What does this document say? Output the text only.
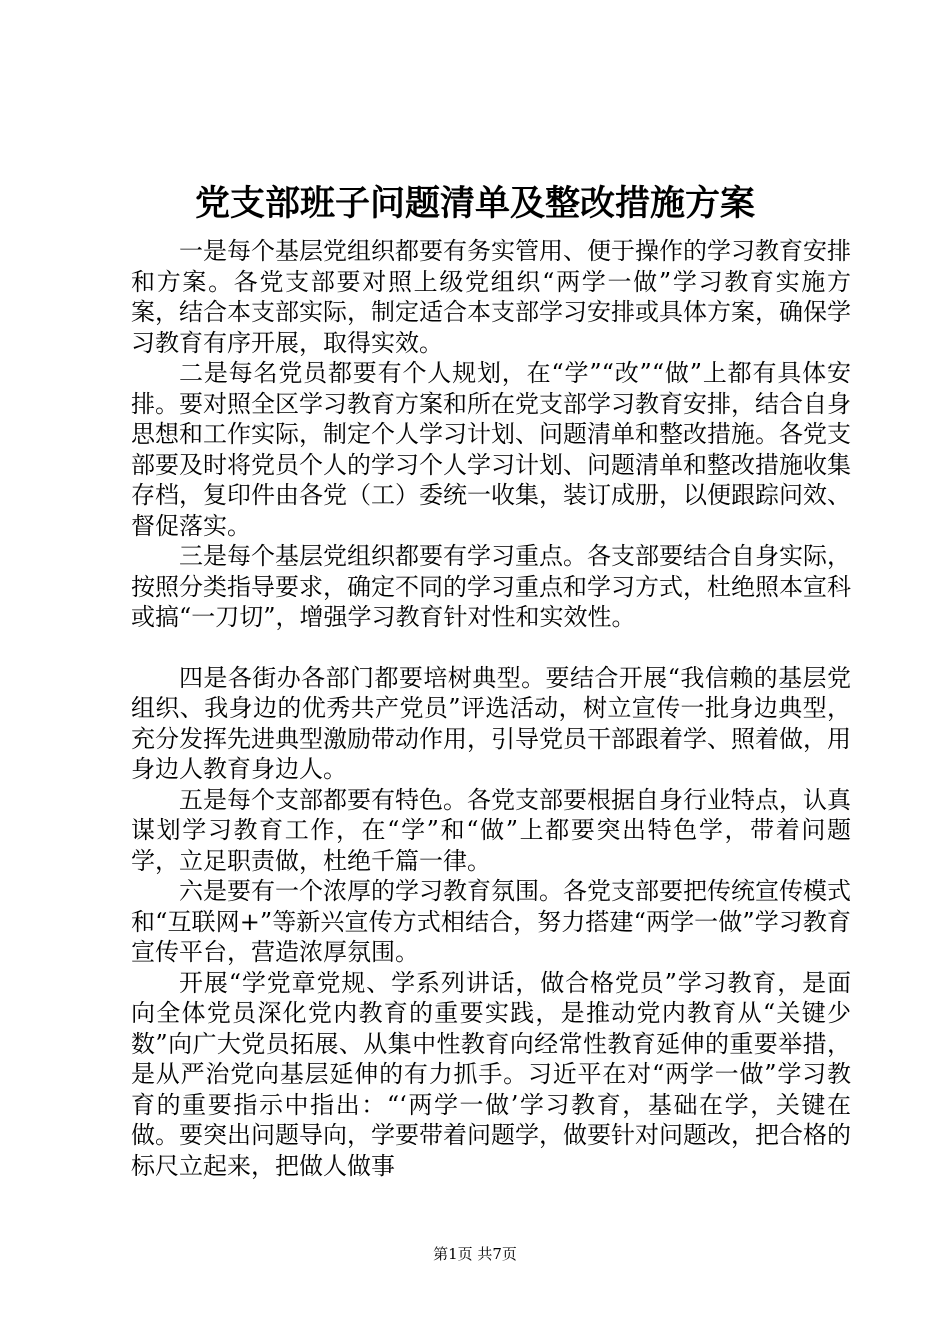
党支部班子问题清单及整改措施方案

一是每个基层党组织都要有务实管用、便于操作的学习教育安排和方案。各党支部要对照上级党组织“两学一做”学习教育实施方案，结合本支部实际，制定适合本支部学习安排或具体方案，确保学习教育有序开展，取得实效。

二是每名党员都要有个人规划，在“学”“改”“做”上都有具体安排。要对照全区学习教育方案和所在党支部学习教育安排，结合自身思想和工作实际，制定个人学习计划、问题清单和整改措施。各党支部要及时将党员个人的学习个人学习计划、问题清单和整改措施收集存档，复印件由各党（工）委统一收集，装订成册，以便跟踪问效、督促落实。

三是每个基层党组织都要有学习重点。各支部要结合自身实际，按照分类指导要求，确定不同的学习重点和学习方式，杜绝照本宣科或搞“一刀切”，增强学习教育针对性和实效性。

四是各街办各部门都要培树典型。要结合开展“我信赖的基层党组织、我身边的优秀共产党员”评选活动，树立宣传一批身边典型，充分发挥先进典型激励带动作用，引导党员干部跟着学、照着做，用身边人教育身边人。

五是每个支部都要有特色。各党支部要根据自身行业特点，认真谋划学习教育工作，在“学”和“做”上都要突出特色学，带着问题学，立足职责做，杜绝千篇一律。

六是要有一个浓厚的学习教育氛围。各党支部要把传统宣传模式和“互联网+”等新兴宣传方式相结合，努力搭建“两学一做”学习教育宣传平台，营造浓厚氛围。

开展“学党章党规、学系列讲话，做合格党员”学习教育，是面向全体党员深化党内教育的重要实践，是推动党内教育从“关键少数”向广大党员拓展、从集中性教育向经常性教育延伸的重要举措，是从严治党向基层延伸的有力抓手。习近平在对“两学一做”学习教育的重要指示中指出：“‘两学一做’学习教育，基础在学，关键在做。要突出问题导向，学要带着问题学，做要针对问题改，把合格的标尺立起来，把做人做事

第1页 共7页
